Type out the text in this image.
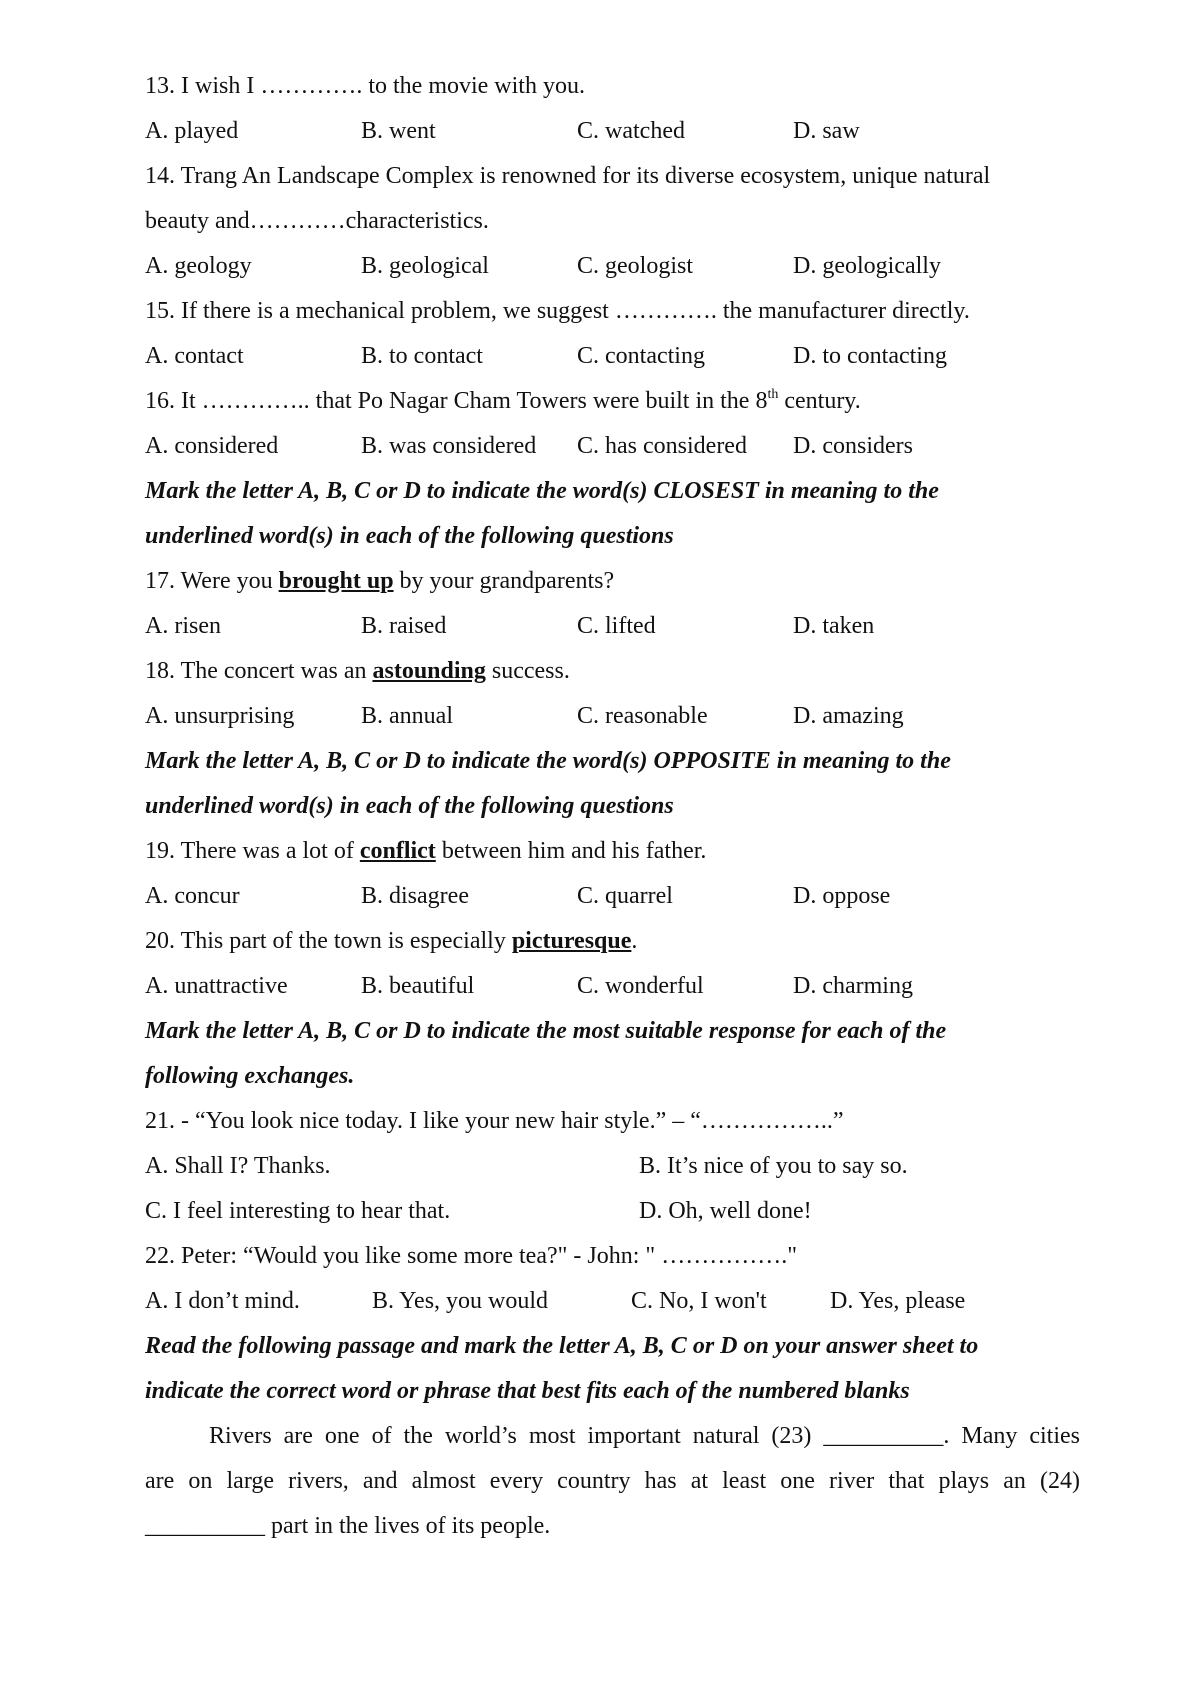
13. I wish I …………. to the movie with you.
A. played	B. went	C. watched	D. saw
14. Trang An Landscape Complex is renowned for its diverse ecosystem, unique natural
beauty and…………characteristics.
A. geology	B. geological	C. geologist	D. geologically
15. If there is a mechanical problem, we suggest …………. the manufacturer directly.
A. contact	B. to contact	C. contacting	D. to contacting
16. It ………….. that Po Nagar Cham Towers were built in the 8th century.
A. considered	B. was considered C. has considered D. considers
Mark the letter A, B, C or D to indicate the word(s) CLOSEST in meaning to the
underlined word(s) in each of the following questions
17. Were you brought up by your grandparents?
A. risen	B. raised	C. lifted	D. taken
18. The concert was an astounding success.
A. unsurprising	B. annual	C. reasonable	D. amazing
Mark the letter A, B, C or D to indicate the word(s) OPPOSITE in meaning to the
underlined word(s) in each of the following questions
19. There was a lot of conflict between him and his father.
A. concur	B. disagree	C. quarrel	D. oppose
20. This part of the town is especially picturesque.
A. unattractive	B. beautiful	C. wonderful	D. charming
Mark the letter A, B, C or D to indicate the most suitable response for each of the
following exchanges.
21. - “You look nice today. I like your new hair style.” – “……………..”
A. Shall I? Thanks.	B. It’s nice of you to say so.
C. I feel interesting to hear that.	D. Oh, well done!
22. Peter: “Would you like some more tea?" - John: " ……………."
A. I don’t mind.	B. Yes, you would	C. No, I won't	D. Yes, please
Read the following passage and mark the letter A, B, C or D on your answer sheet to
indicate the correct word or phrase that best fits each of the numbered blanks
Rivers are one of the world’s most important natural (23) __________. Many cities
are on large rivers, and almost every country has at least one river that plays an (24)
__________ part in the lives of its people.
